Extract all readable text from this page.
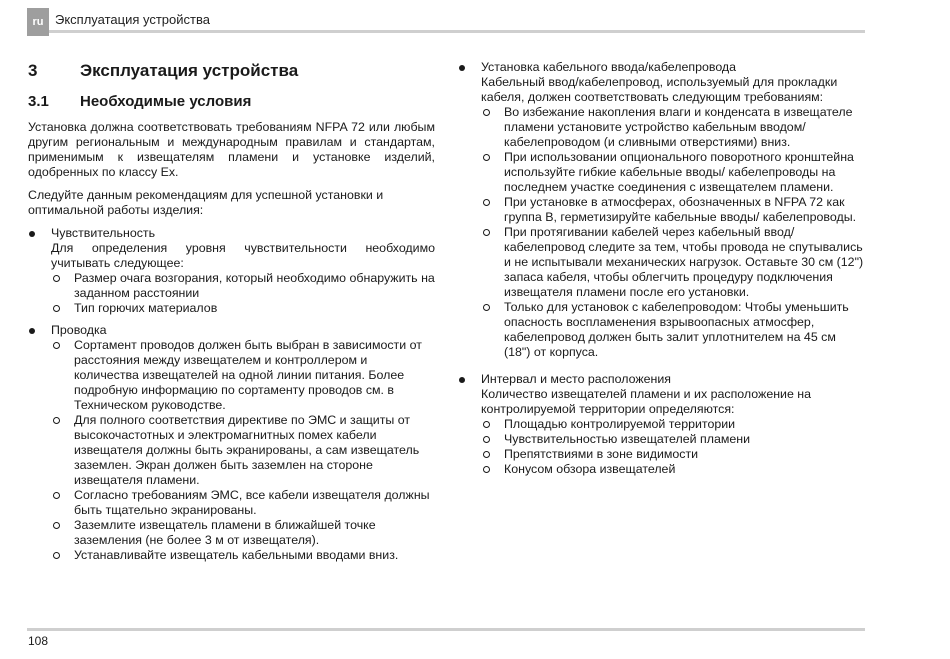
ru Эксплуатация устройства
3	Эксплуатация устройства
3.1	Необходимые условия

Установка должна соответствовать требованиям NFPA 72 или любым другим региональным и международным правилам и стандартам, применимым к извещателям пламени и установке изделий, одобренных по классу Ex.

Следуйте данным рекомендациям для успешной установки и оптимальной работы изделия:

Чувствительность
Для определения уровня чувствительности необходимо учитывать следующее:
Размер очага возгорания, который необходимо обнаружить на заданном расстоянии
Тип горючих материалов
Проводка
Сортамент проводов должен быть выбран в зависимости от расстояния между извещателем и контроллером и количества извещателей на одной линии питания. Более подробную информацию по сортаменту проводов см. в Техническом руководстве.
Для полного соответствия директиве по ЭМС и защиты от высокочастотных и электромагнитных помех кабели извещателя должны быть экранированы, а сам извещатель заземлен. Экран должен быть заземлен на стороне извещателя пламени.
Согласно требованиям ЭМС, все кабели извещателя должны быть тщательно экранированы.
Заземлите извещатель пламени в ближайшей точке заземления (не более 3 м от извещателя).
Устанавливайте извещатель кабельными вводами вниз.
Установка кабельного ввода/кабелепровода
Кабельный ввод/кабелепровод, используемый для прокладки кабеля, должен соответствовать следующим требованиям:
Во избежание накопления влаги и конденсата в извещателе пламени установите устройство кабельным вводом/кабелепроводом (и сливными отверстиями) вниз.
При использовании опционального поворотного кронштейна используйте гибкие кабельные вводы/ кабелепроводы на последнем участке соединения с извещателем пламени.
При установке в атмосферах, обозначенных в NFPA 72 как группа B, герметизируйте кабельные вводы/ кабелепроводы.
При протягивании кабелей через кабельный ввод/ кабелепровод следите за тем, чтобы провода не спутывались и не испытывали механических нагрузок. Оставьте 30 см (12") запаса кабеля, чтобы облегчить процедуру подключения извещателя пламени после его установки.
Только для установок с кабелепроводом: Чтобы уменьшить опасность воспламенения взрывоопасных атмосфер, кабелепровод должен быть залит уплотнителем на 45 см (18") от корпуса.
Интервал и место расположения
Количество извещателей пламени и их расположение на контролируемой территории определяются:
Площадью контролируемой территории
Чувствительностью извещателей пламени
Препятствиями в зоне видимости
Конусом обзора извещателей
108
